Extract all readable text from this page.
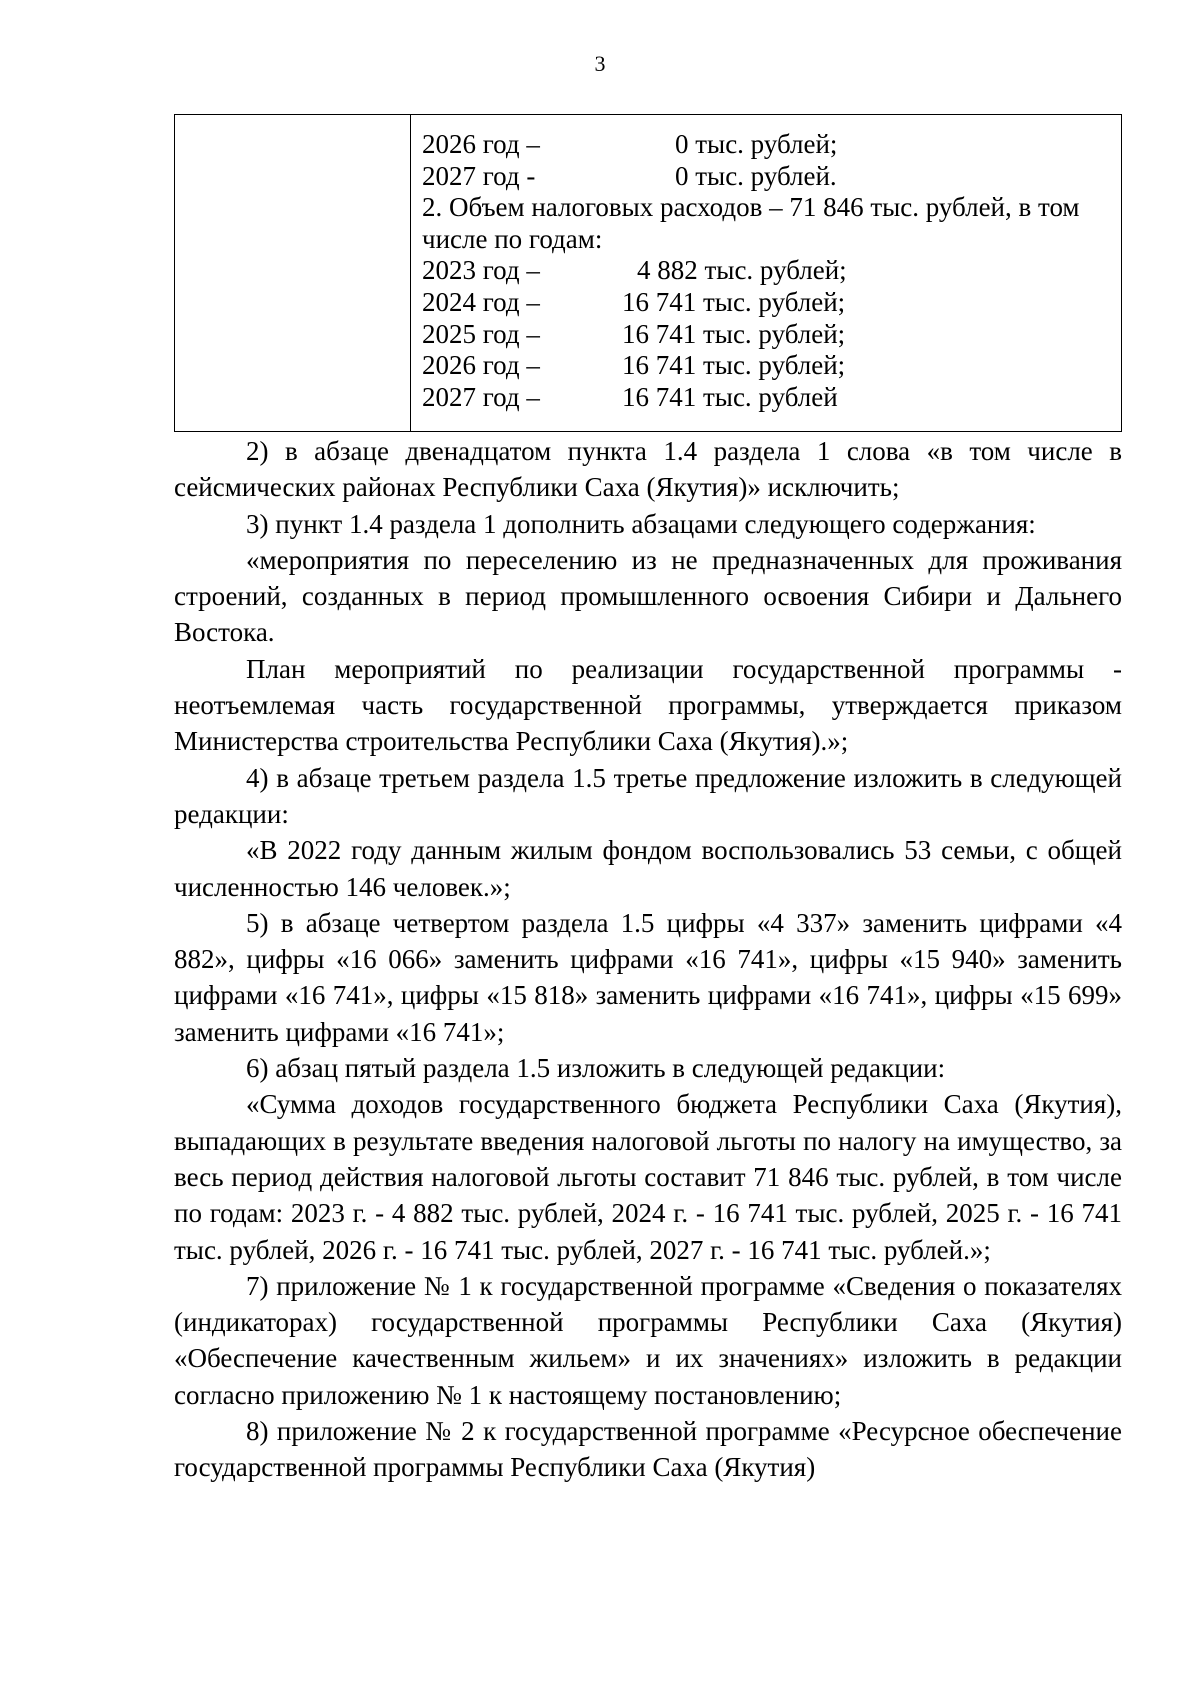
3

2026 год –	0 тыс. рублей;
2027 год -	0 тыс. рублей.
2. Объем налоговых расходов – 71 846 тыс. рублей, в том числе по годам:
2023 год –	4 882 тыс. рублей;
2024 год –	16 741 тыс. рублей;
2025 год –	16 741 тыс. рублей;
2026 год –	16 741 тыс. рублей;
2027 год –	16 741 тыс. рублей

2) в абзаце двенадцатом пункта 1.4 раздела 1 слова «в том числе в сейсмических районах Республики Саха (Якутия)» исключить;

3) пункт 1.4 раздела 1 дополнить абзацами следующего содержания:

«мероприятия по переселению из не предназначенных для проживания строений, созданных в период промышленного освоения Сибири и Дальнего Востока.

План мероприятий по реализации государственной программы - неотъемлемая часть государственной программы, утверждается приказом Министерства строительства Республики Саха (Якутия).»;

4) в абзаце третьем раздела 1.5 третье предложение изложить в следующей редакции:

«В 2022 году данным жилым фондом воспользовались 53 семьи, с общей численностью 146 человек.»;

5) в абзаце четвертом раздела 1.5 цифры «4 337» заменить цифрами «4 882», цифры «16 066» заменить цифрами «16 741», цифры «15 940» заменить цифрами «16 741», цифры «15 818» заменить цифрами «16 741», цифры «15 699» заменить цифрами «16 741»;

6) абзац пятый раздела 1.5 изложить в следующей редакции:

«Сумма доходов государственного бюджета Республики Саха (Якутия), выпадающих в результате введения налоговой льготы по налогу на имущество, за весь период действия налоговой льготы составит 71 846 тыс. рублей, в том числе по годам: 2023 г. - 4 882 тыс. рублей, 2024 г. - 16 741 тыс. рублей, 2025 г. - 16 741 тыс. рублей, 2026 г. - 16 741 тыс. рублей, 2027 г. - 16 741 тыс. рублей.»;

7) приложение № 1 к государственной программе «Сведения о показателях (индикаторах) государственной программы Республики Саха (Якутия) «Обеспечение качественным жильем» и их значениях» изложить в редакции согласно приложению № 1 к настоящему постановлению;

8) приложение № 2 к государственной программе «Ресурсное обеспечение государственной программы Республики Саха (Якутия)
